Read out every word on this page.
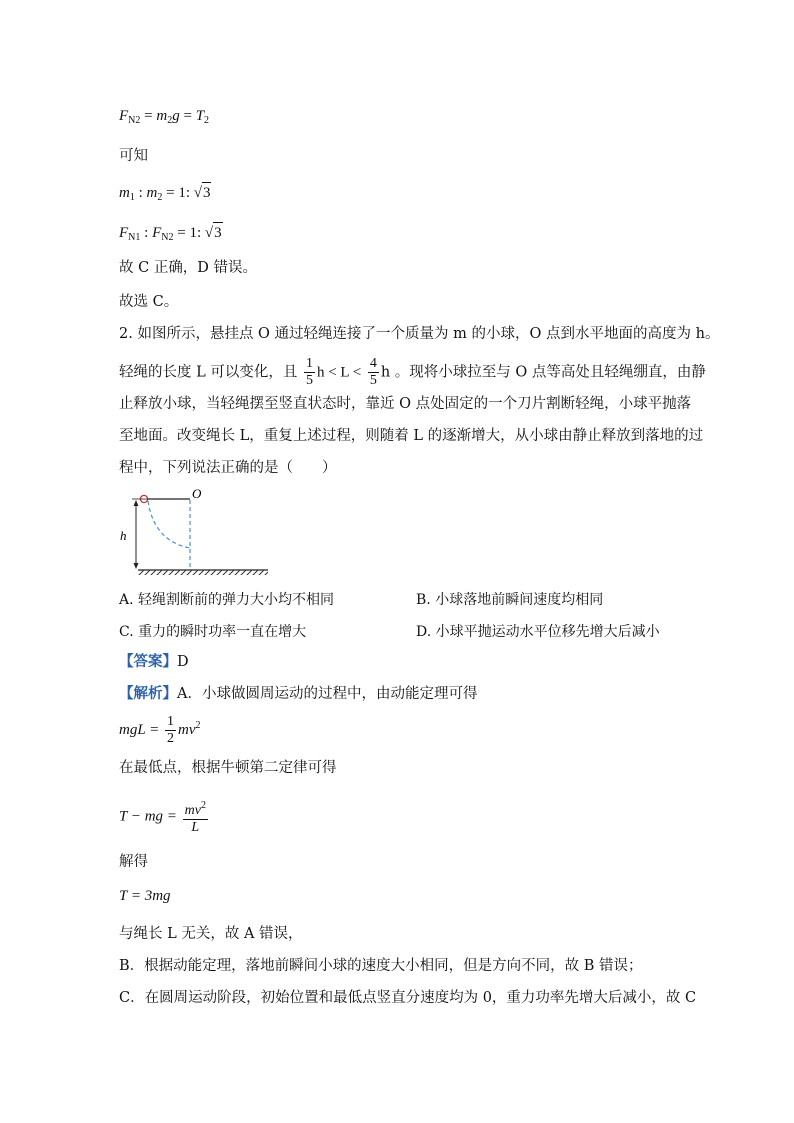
$F_{N2} = m_2g = T_2$
可知
$m_1$ : $m_2 = 1$: √3
$F_{N1}$ : $F_{N2} = 1$: √3
故 C 正确，D 错误。
故选 C。
2. 如图所示，悬挂点 O 通过轻绳连接了一个质量为 m 的小球，O 点到水平地面的高度为 h。
轻绳的长度 L 可以变化，且 $\frac{1}{5}$ $h < L < \frac{4}{5}$ h 。现将小球拉至与 O 点等高处且轻绳绷直，由静
止释放小球，当轻绳摆至竖直状态时，靠近 O 点处固定的一个刀片割断轻绳，小球平抛落
至地面。改变绳长 L，重复上述过程，则随着 L 的逐渐增大，从小球由静止释放到落地的过
程中，下列说法正确的是（　　）
O
h
A. 轻绳割断前的弹力大小均不相同	B. 小球落地前瞬间速度均相同
C. 重力的瞬时功率一直在增大	D. 小球平抛运动水平位移先增大后减小
【答案】D
【解析】A．小球做圆周运动的过程中，由动能定理可得
mgL = $\frac{1}{2} mv^2$
在最低点，根据牛顿第二定律可得
T − mg = $\frac{mv^2}{L}$
解得
T = 3mg
与绳长 L 无关，故 A 错误，
B．根据动能定理，落地前瞬间小球的速度大小相同，但是方向不同，故 B 错误；
C．在圆周运动阶段，初始位置和最低点竖直分速度均为 0，重力功率先增大后减小，故 C
